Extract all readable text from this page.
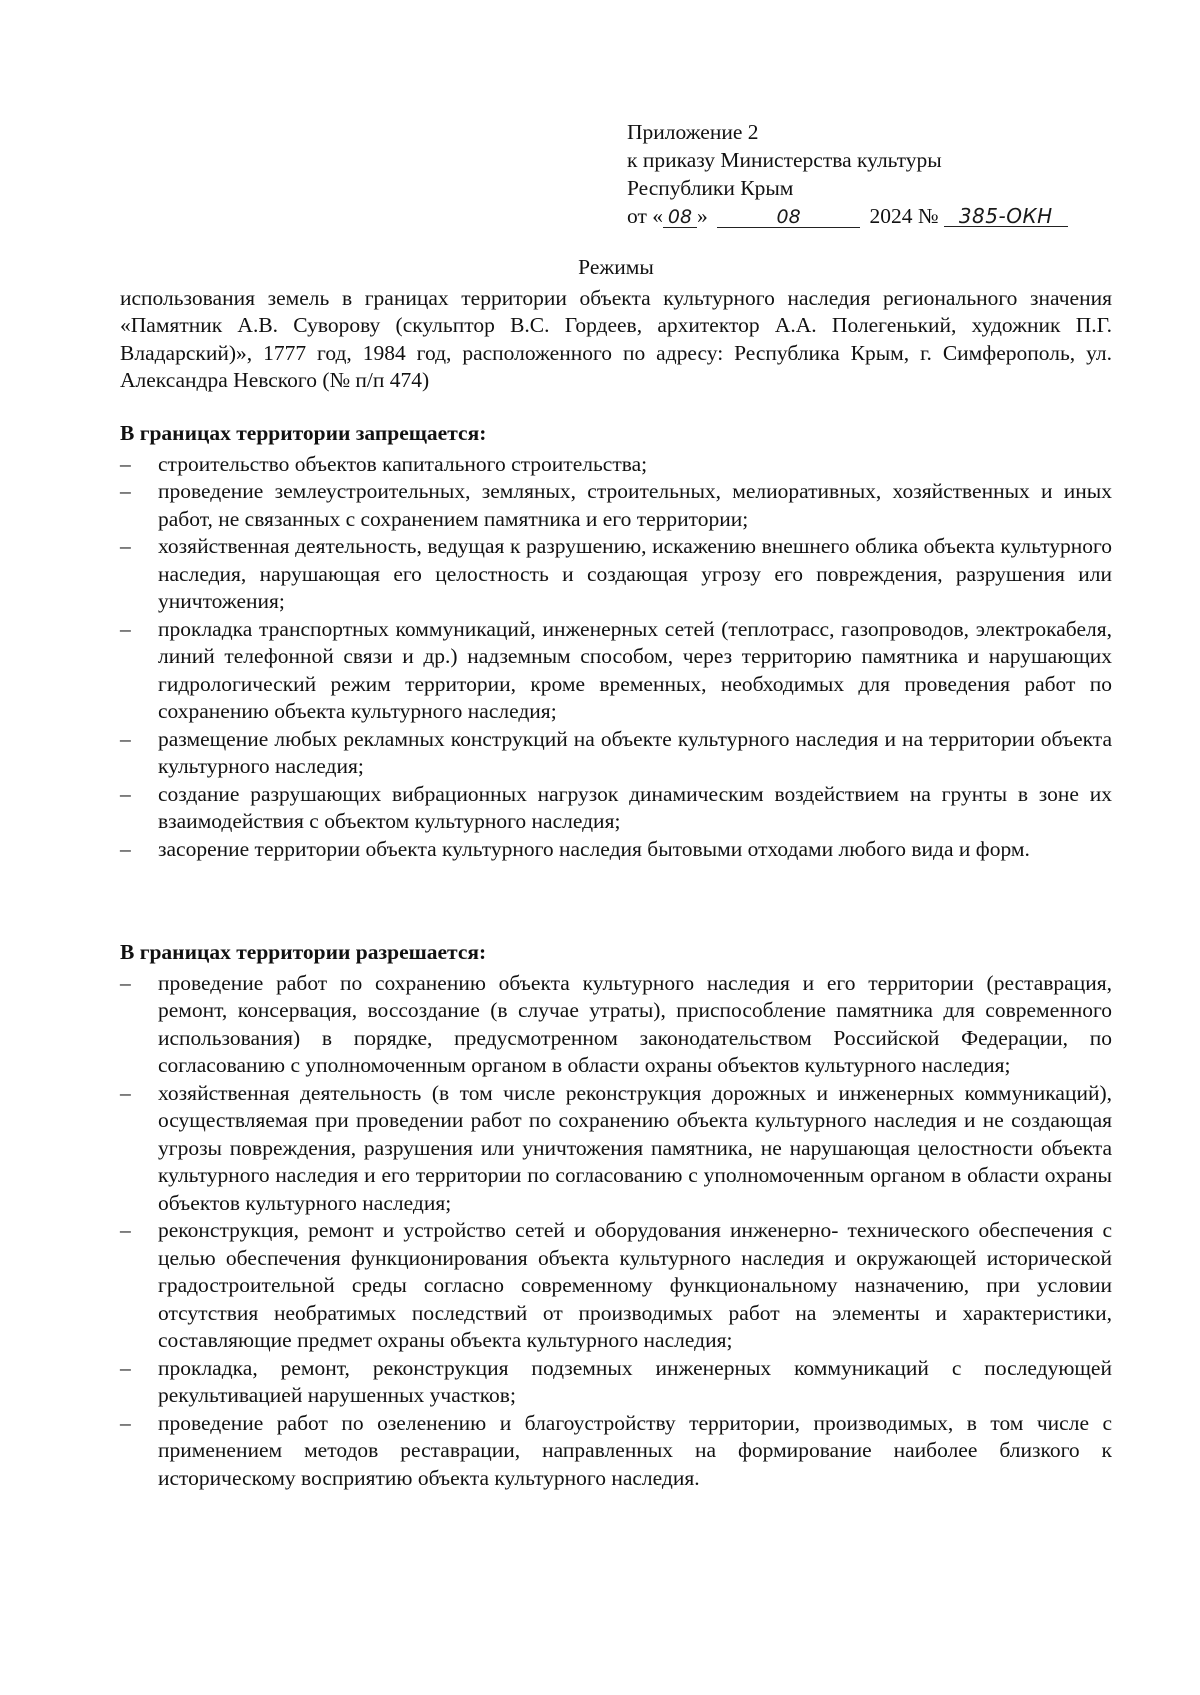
Приложение 2
к приказу Министерства культуры
Республики Крым
от « 08 »	08	2024 № 385-ОКН
Режимы
использования земель в границах территории объекта культурного наследия регионального значения «Памятник А.В. Суворову (скульптор В.С. Гордеев, архитектор А.А. Полегенький, художник П.Г. Владарский)», 1777 год, 1984 год, расположенного по адресу: Республика Крым, г. Симферополь, ул. Александра Невского (№ п/п 474)
В границах территории запрещается:
–	строительство объектов капитального строительства;
–	проведение землеустроительных, земляных, строительных, мелиоративных, хозяйственных и иных работ, не связанных с сохранением памятника и его территории;
–	хозяйственная деятельность, ведущая к разрушению, искажению внешнего облика объекта культурного наследия, нарушающая его целостность и создающая угрозу его повреждения, разрушения или уничтожения;
–	прокладка транспортных коммуникаций, инженерных сетей (теплотрасс, газопроводов, электрокабеля, линий телефонной связи и др.) надземным способом, через территорию памятника и нарушающих гидрологический режим территории, кроме временных, необходимых для проведения работ по сохранению объекта культурного наследия;
–	размещение любых рекламных конструкций на объекте культурного наследия и на территории объекта культурного наследия;
–	создание разрушающих вибрационных нагрузок динамическим воздействием на грунты в зоне их взаимодействия с объектом культурного наследия;
–	засорение территории объекта культурного наследия бытовыми отходами любого вида и форм.
В границах территории разрешается:
–	проведение работ по сохранению объекта культурного наследия и его территории (реставрация, ремонт, консервация, воссоздание (в случае утраты), приспособление памятника для современного использования) в порядке, предусмотренном законодательством Российской Федерации, по согласованию с уполномоченным органом в области охраны объектов культурного наследия;
–	хозяйственная деятельность (в том числе реконструкция дорожных и инженерных коммуникаций), осуществляемая при проведении работ по сохранению объекта культурного наследия и не создающая угрозы повреждения, разрушения или уничтожения памятника, не нарушающая целостности объекта культурного наследия и его территории по согласованию с уполномоченным органом в области охраны объектов культурного наследия;
–	реконструкция, ремонт и устройство сетей и оборудования инженерно- технического обеспечения с целью обеспечения функционирования объекта культурного наследия и окружающей исторической градостроительной среды согласно современному функциональному назначению, при условии отсутствия необратимых последствий от производимых работ на элементы и характеристики, составляющие предмет охраны объекта культурного наследия;
–	прокладка, ремонт, реконструкция подземных инженерных коммуникаций с последующей рекультивацией нарушенных участков;
–	проведение работ по озеленению и благоустройству территории, производимых, в том числе с применением методов реставрации, направленных на формирование наиболее близкого к историческому восприятию объекта культурного наследия.
